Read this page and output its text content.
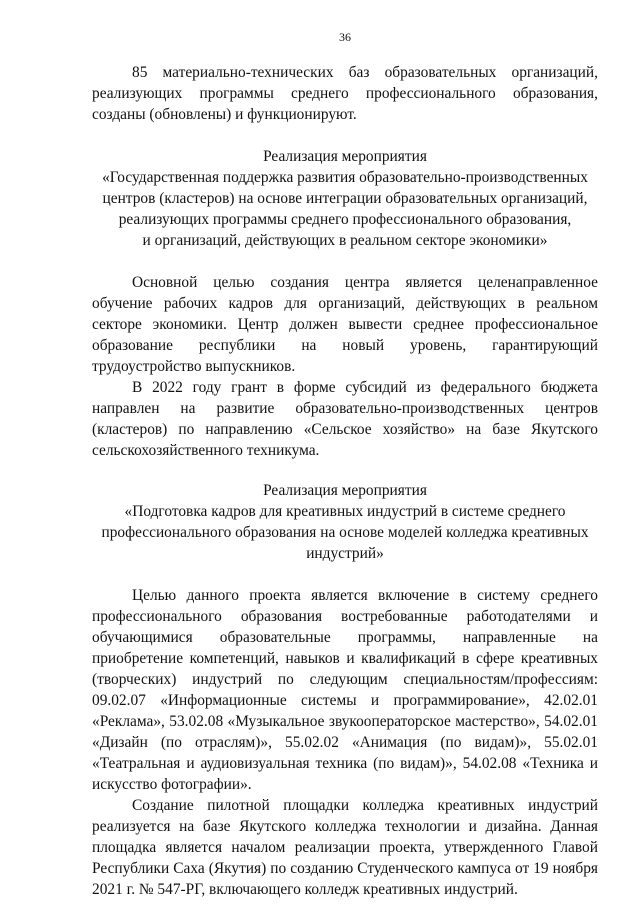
36

85 материально-технических баз образовательных организаций, реализующих программы среднего профессионального образования, созданы (обновлены) и функционируют.

Реализация мероприятия

«Государственная поддержка развития образовательно-производственных центров (кластеров) на основе интеграции образовательных организаций, реализующих программы среднего профессионального образования,

и организаций, действующих в реальном секторе экономики»

Основной целью создания центра является целенаправленное обучение рабочих кадров для организаций, действующих в реальном секторе экономики. Центр должен вывести среднее профессиональное образование республики на новый уровень, гарантирующий трудоустройство выпускников.

В 2022 году грант в форме субсидий из федерального бюджета направлен на развитие образовательно-производственных центров (кластеров) по направлению «Сельское хозяйство» на базе Якутского сельскохозяйственного техникума.

Реализация мероприятия

«Подготовка кадров для креативных индустрий в системе среднего профессионального образования на основе моделей колледжа креативных индустрий»

Целью данного проекта является включение в систему среднего профессионального образования востребованные работодателями и обучающимися образовательные программы, направленные на приобретение компетенций, навыков и квалификаций в сфере креативных (творческих) индустрий по следующим специальностям/профессиям: 09.02.07 «Информационные системы и программирование», 42.02.01 «Реклама», 53.02.08 «Музыкальное звукооператорское мастерство», 54.02.01 «Дизайн (по отраслям)», 55.02.02 «Анимация (по видам)», 55.02.01 «Театральная и аудиовизуальная техника (по видам)», 54.02.08 «Техника и искусство фотографии».

Создание пилотной площадки колледжа креативных индустрий реализуется на базе Якутского колледжа технологии и дизайна. Данная площадка является началом реализации проекта, утвержденного Главой Республики Саха (Якутия) по созданию Студенческого кампуса от 19 ноября 2021 г. № 547-РГ, включающего колледж креативных индустрий.
